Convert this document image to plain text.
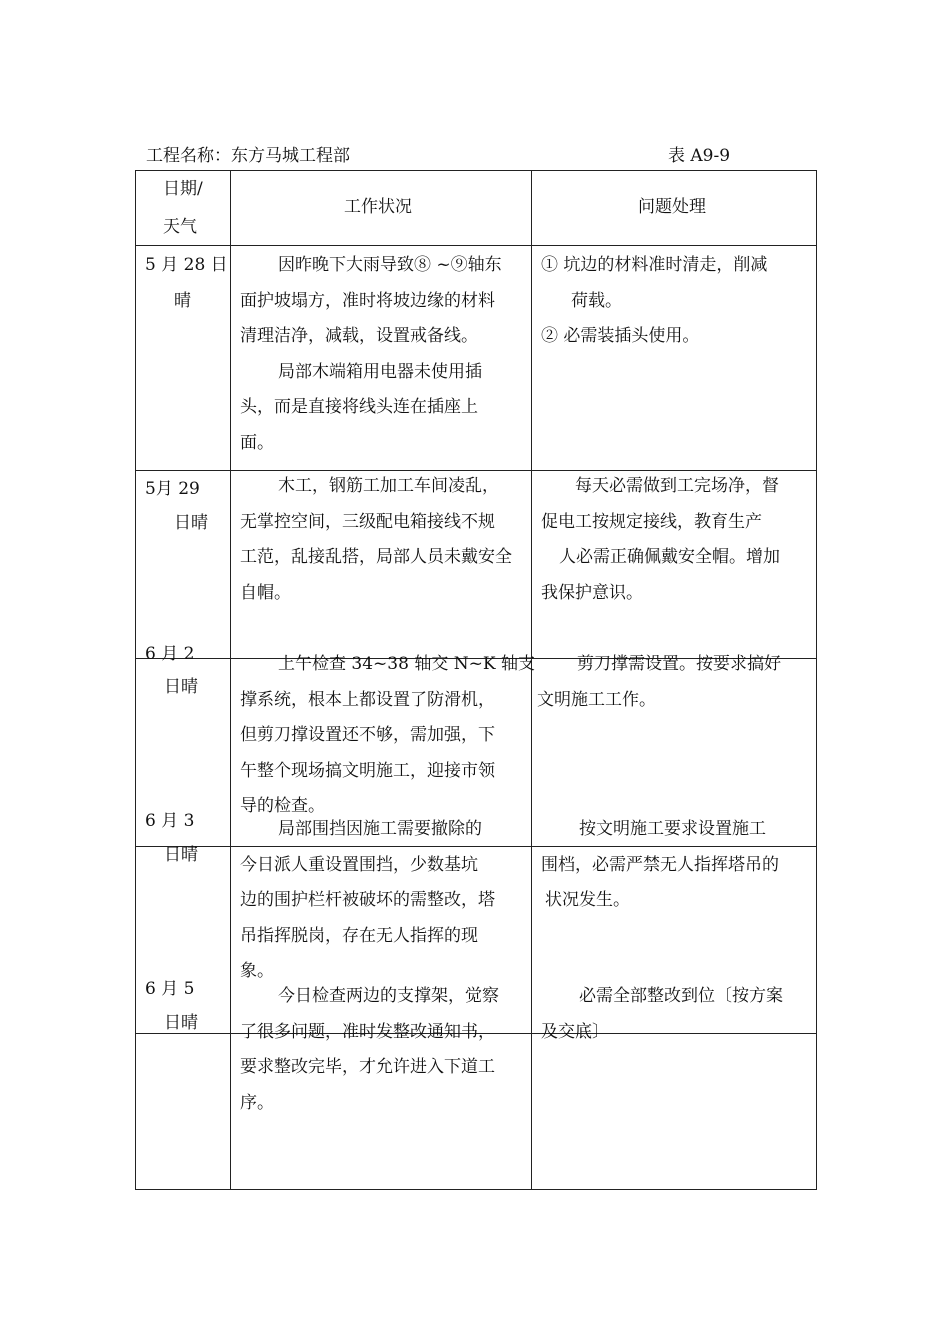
工程名称：东方马城工程部	表 A9-9
日期/
天气
工作状况	问题处理
5 月 28 日
晴
因昨晚下大雨导致⑧ ~⑨轴东
面护坡塌方，准时将坡边缘的材料
清理洁净，减载，设置戒备线。
局部木端箱用电器未使用插
头，而是直接将线头连在插座上
面。
① 坑边的材料准时清走，削减
荷载。
② 必需装插头使用。
5月 29
日晴
木工，钢筋工加工车间凌乱，
无掌控空间，三级配电箱接线不规
工范，乱接乱搭，局部人员未戴安全
自帽。
每天必需做到工完场净，督
促电工按规定接线，教育生产
人必需正确佩戴安全帽。增加
我保护意识。
6 月 2
日晴
上午检查 34~38 轴交 N~K 轴支
撑系统，根本上都设置了防滑机，
但剪刀撑设置还不够，需加强，下
午整个现场搞文明施工，迎接市领
导的检查。
剪刀撑需设置。按要求搞好
文明施工工作。
6 月 3
日晴
局部围挡因施工需要撤除的
今日派人重设置围挡，少数基坑
边的围护栏杆被破坏的需整改，塔
吊指挥脱岗，存在无人指挥的现
象。
按文明施工要求设置施工
围档，必需严禁无人指挥塔吊的
状况发生。
6 月 5
日晴
今日检查两边的支撑架，觉察
了很多问题，准时发整改通知书，
要求整改完毕，才允许进入下道工
序。
必需全部整改到位〔按方案
及交底〕
